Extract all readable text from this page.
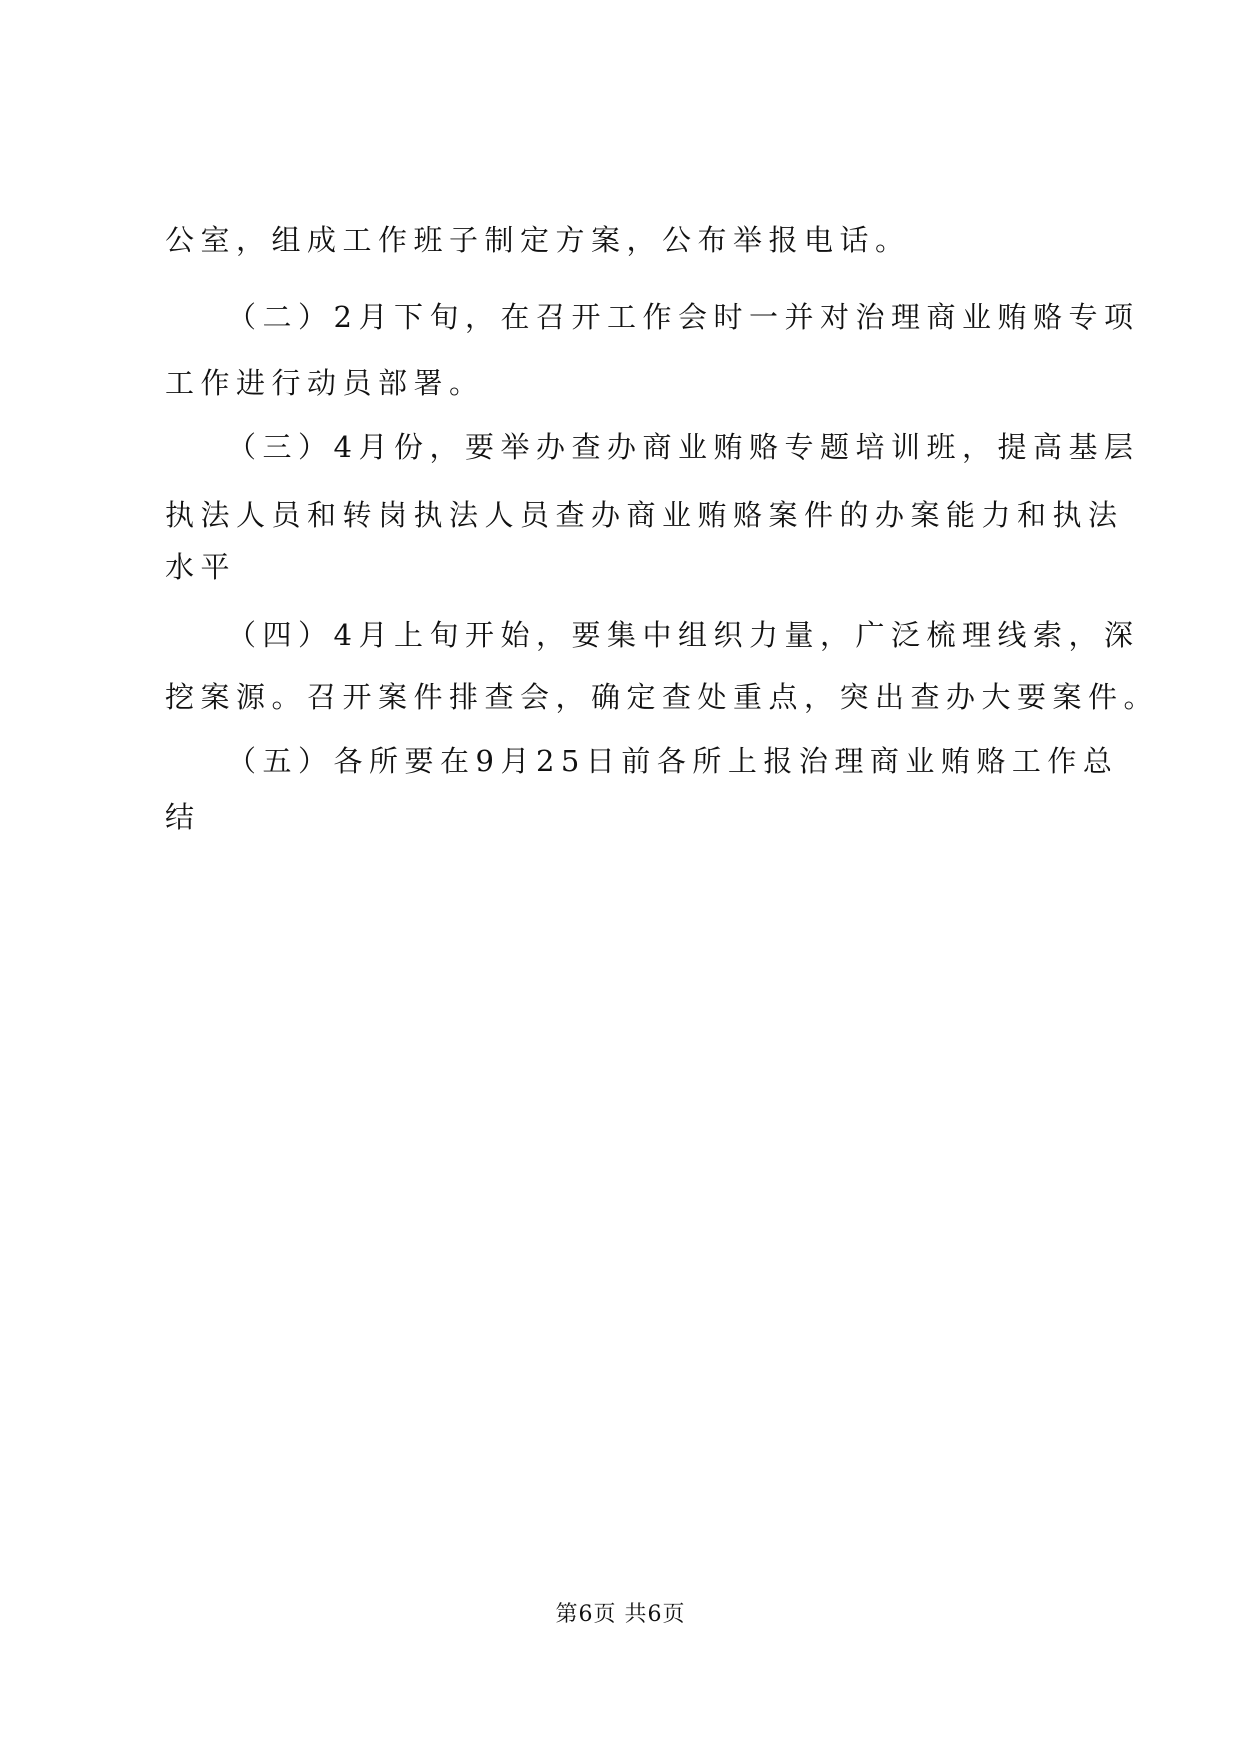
公室，组成工作班子制定方案，公布举报电话。
（二）2月下旬，在召开工作会时一并对治理商业贿赂专项
工作进行动员部署。
（三）4月份，要举办查办商业贿赂专题培训班，提高基层
执法人员和转岗执法人员查办商业贿赂案件的办案能力和执法
水平
（四）4月上旬开始，要集中组织力量，广泛梳理线索，深
挖案源。召开案件排查会，确定查处重点，突出查办大要案件。
（五）各所要在9月25日前各所上报治理商业贿赂工作总
结
第6页 共6页
